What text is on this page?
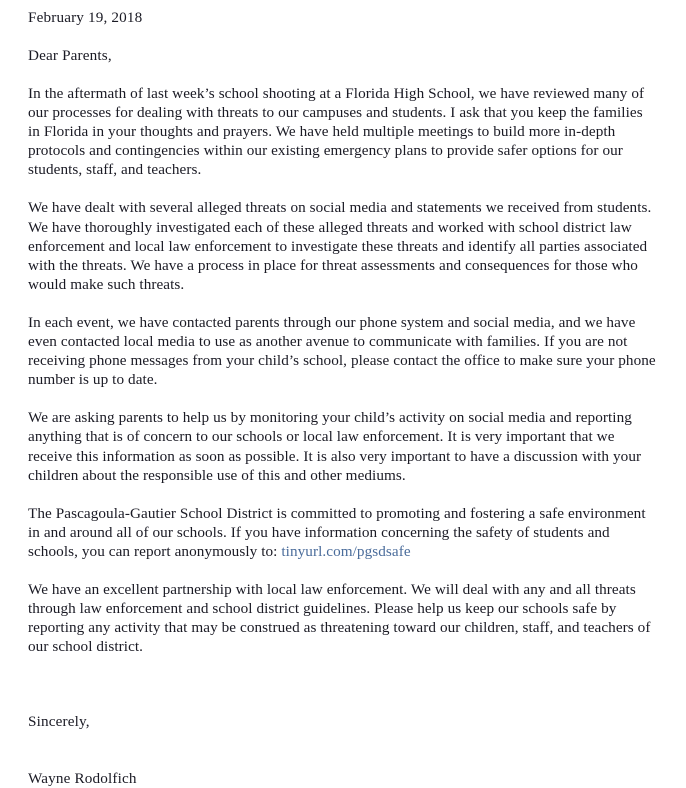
February 19, 2018
Dear Parents,

In the aftermath of last week’s school shooting at a Florida High School, we have reviewed many of our processes for dealing with threats to our campuses and students. I ask that you keep the families in Florida in your thoughts and prayers. We have held multiple meetings to build more in-depth protocols and contingencies within our existing emergency plans to provide safer options for our students, staff, and teachers.

We have dealt with several alleged threats on social media and statements we received from students. We have thoroughly investigated each of these alleged threats and worked with school district law enforcement and local law enforcement to investigate these threats and identify all parties associated with the threats. We have a process in place for threat assessments and consequences for those who would make such threats.

In each event, we have contacted parents through our phone system and social media, and we have even contacted local media to use as another avenue to communicate with families. If you are not receiving phone messages from your child’s school, please contact the office to make sure your phone number is up to date.

We are asking parents to help us by monitoring your child’s activity on social media and reporting anything that is of concern to our schools or local law enforcement. It is very important that we receive this information as soon as possible. It is also very important to have a discussion with your children about the responsible use of this and other mediums.

The Pascagoula-Gautier School District is committed to promoting and fostering a safe environment in and around all of our schools. If you have information concerning the safety of students and schools, you can report anonymously to: tinyurl.com/pgsdsafe

We have an excellent partnership with local law enforcement. We will deal with any and all threats through law enforcement and school district guidelines. Please help us keep our schools safe by reporting any activity that may be construed as threatening toward our children, staff, and teachers of our school district.

Sincerely,
Wayne Rodolfich
